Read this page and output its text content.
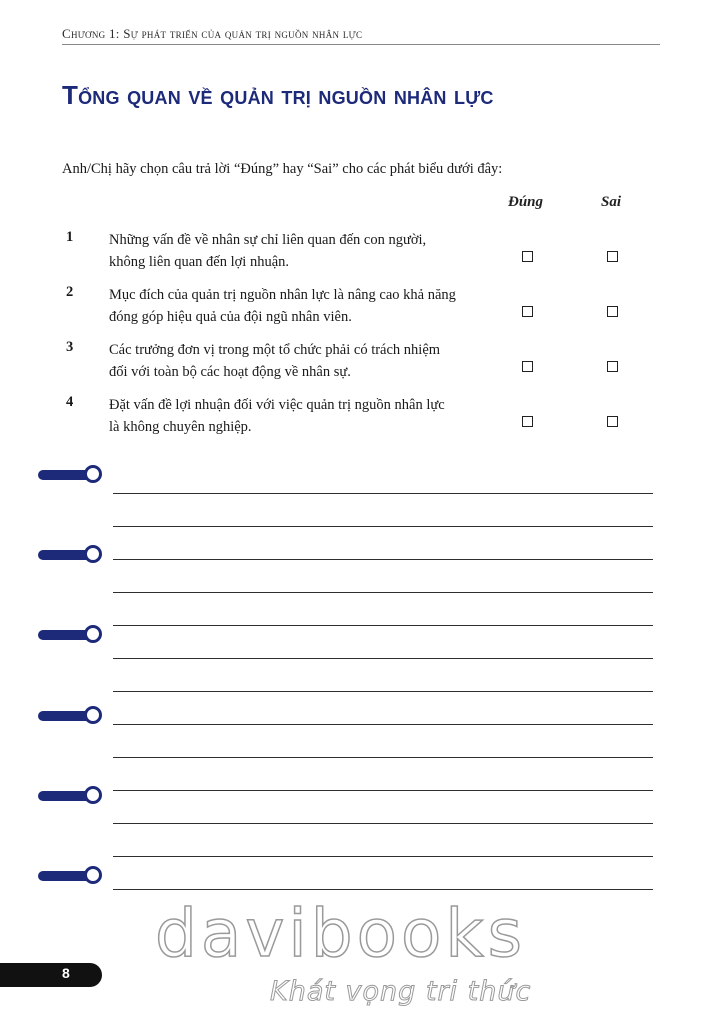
Chương 1: Sự phát triển của quản trị nguồn nhân lực
Tổng quan về quản trị nguồn nhân lực

Anh/Chị hãy chọn câu trả lời “Đúng” hay “Sai” cho các phát biểu dưới đây:

Đúng	Sai
1 Những vấn đề về nhân sự chỉ liên quan đến con người,
không liên quan đến lợi nhuận.
2 Mục đích của quản trị nguồn nhân lực là nâng cao khả năng
đóng góp hiệu quả của đội ngũ nhân viên.
3 Các trưởng đơn vị trong một tổ chức phải có trách nhiệm
đối với toàn bộ các hoạt động về nhân sự.
4 Đặt vấn đề lợi nhuận đối với việc quản trị nguồn nhân lực
là không chuyên nghiệp.
8
davibooks
Khát vọng tri thức
